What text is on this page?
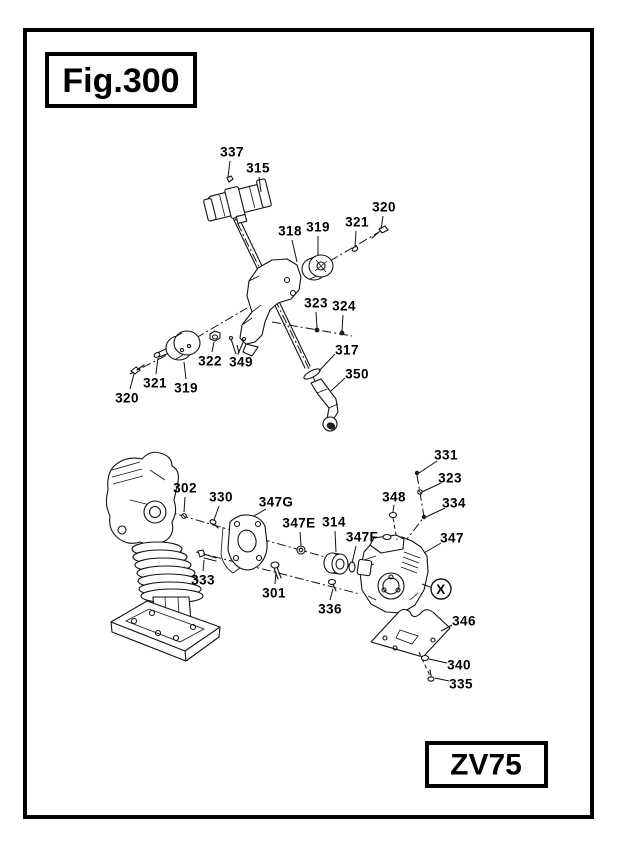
Fig.300
ZV75
337
315
318 319 321
320
323 324
317
350
322 349
321 319
320
331
323
334
302
330 347G
347E 314
347F
348
347
333
301
336
346
340
335
X
